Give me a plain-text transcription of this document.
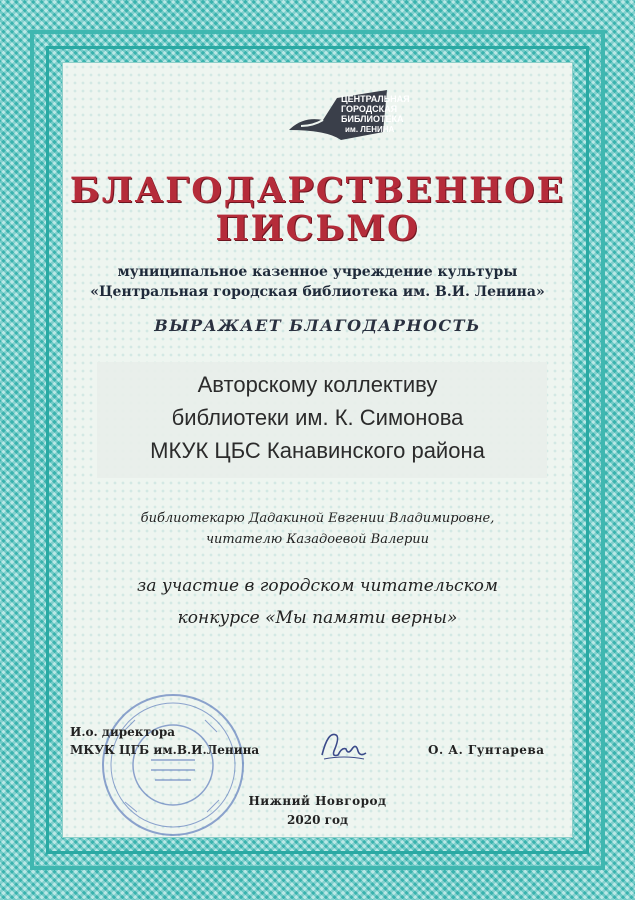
ЦЕНТРАЛЬНАЯ
ГОРОДСКАЯ
БИБЛИОТЕКА
им. ЛЕНИНА
БЛАГОДАРСТВЕННОЕ
ПИСЬМО
муниципальное казенное учреждение культуры
«Центральная городская библиотека им. В.И. Ленина»
ВЫРАЖАЕТ БЛАГОДАРНОСТЬ
Авторскому коллективу
библиотеки им. К. Симонова
МКУК ЦБС Канавинского района
библиотекарю Дадакиной Евгении Владимировне,
читателю Казадоевой Валерии
за участие в городском читательском
конкурсе «Мы памяти верны»
И.о. директора
МКУК ЦГБ им.В.И.Ленина	О. А. Гунтарева
Нижний Новгород
2020 год
